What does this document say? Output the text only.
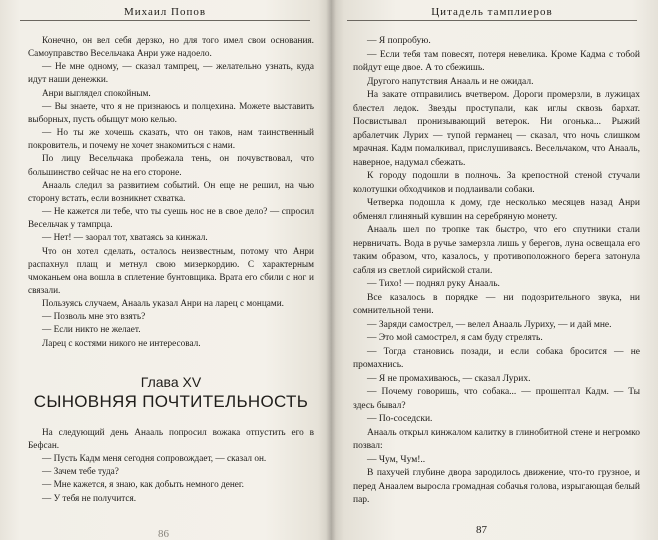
Михаил Попов

Конечно, он вел себя дерзко, но для того имел свои основания. Самоуправство Весельчака Анри уже надоело.

— Не мне одному, — сказал тампрец, — желательно узнать, куда идут наши денежки.

Анри выглядел спокойным.

— Вы знаете, что я не признаюсь и полцехина. Можете выставить выборных, пусть обыщут мою келью.

— Но ты же хочешь сказать, что он таков, нам таинственный покровитель, и почему не хочет знакомиться с нами.

По лицу Весельчака пробежала тень, он почувствовал, что большинство сейчас не на его стороне.

Анааль следил за развитием событий. Он еще не решил, на чью сторону встать, если возникнет схватка.

— Не кажется ли тебе, что ты суешь нос не в свое дело? — спросил Весельчак у тампрца.

— Нет! — заорал тот, хватаясь за кинжал.

Что он хотел сделать, осталось неизвестным, потому что Анри распахнул плащ и метнул свою мизеркордию. С характерным чмоканьем она вошла в сплетение бунтовщика. Врата его сбили с ног и связали.

Пользуясь случаем, Анааль указал Анри на ларец с монцами.

— Позволь мне это взять?

— Если никто не желает.

Ларец с костями никого не интересовал.

Глава XV
СЫНОВНЯЯ ПОЧТИТЕЛЬНОСТЬ

На следующий день Анааль попросил вожака отпустить его в Бефсан.

— Пусть Кадм меня сегодня сопровождает, — сказал он.

— Зачем тебе туда?

— Мне кажется, я знаю, как добыть немного денег.

— У тебя не получится.

86
Цитадель тамплиеров

— Я попробую.

— Если тебя там повесят, потеря невелика. Кроме Кадма с тобой пойдут еще двое. А то сбежишь.

Другого напутствия Анааль и не ожидал.

На закате отправились вчетвером. Дороги промерзли, в лужицах блестел ледок. Звезды проступали, как иглы сквозь бархат. Посвистывал пронизывающий ветерок. Ни огонька... Рыжий арбалетчик Лурих — тупой германец — сказал, что ночь слишком мрачная. Кадм помалкивал, прислушиваясь. Весельчаком, что Анааль, наверное, надумал сбежать.

К городу подошли в полночь. За крепостной стеной стучали колотушки обходчиков и подлаивали собаки.

Четверка подошла к дому, где несколько месяцев назад Анри обменял глиняный кувшин на серебряную монету.

Анааль шел по тропке так быстро, что его спутники стали нервничать. Вода в ручье замерзла лишь у берегов, луна освещала его таким образом, что, казалось, у противоположного берега затонула сабля из светлой сирийской стали.

— Тихо! — поднял руку Анааль.

Все казалось в порядке — ни подозрительного звука, ни сомнительной тени.

— Заряди самострел, — велел Анааль Луриху, — и дай мне.

— Это мой самострел, я сам буду стрелять.

— Тогда становись позади, и если собака бросится — не промахнись.

— Я не промахиваюсь, — сказал Лурих.

— Почему говоришь, что собака... — прошептал Кадм. — Ты здесь бывал?

— По-соседски.

Анааль открыл кинжалом калитку в глинобитной стене и негромко позвал:

— Чум, Чум!..

В пахучей глубине двора зародилось движение, что-то грузное, и перед Анаалем выросла громадная собачья голова, изрыгающая белый пар.

87
